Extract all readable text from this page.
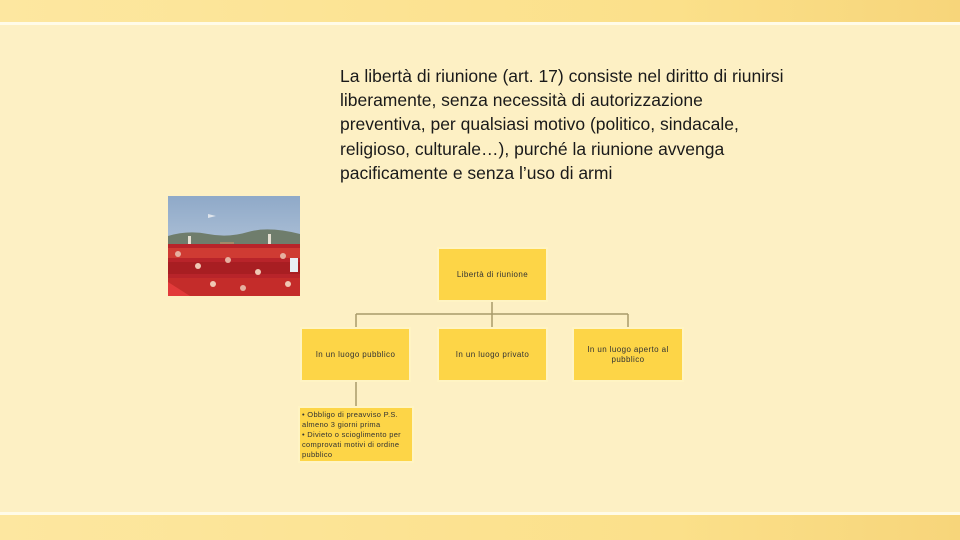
La libertà di riunione (art. 17) consiste nel diritto di riunirsi liberamente, senza necessità di autorizzazione preventiva, per qualsiasi motivo (politico, sindacale, religioso, culturale…), purché la riunione avvenga pacificamente e senza l’uso di armi

Libertà di riunione
In un luogo pubblico	In un luogo privato
In un luogo aperto al pubblico
• Obbligo di preavviso P.S. almeno 3 giorni prima
• Divieto o scioglimento per comprovati motivi di ordine pubblico
